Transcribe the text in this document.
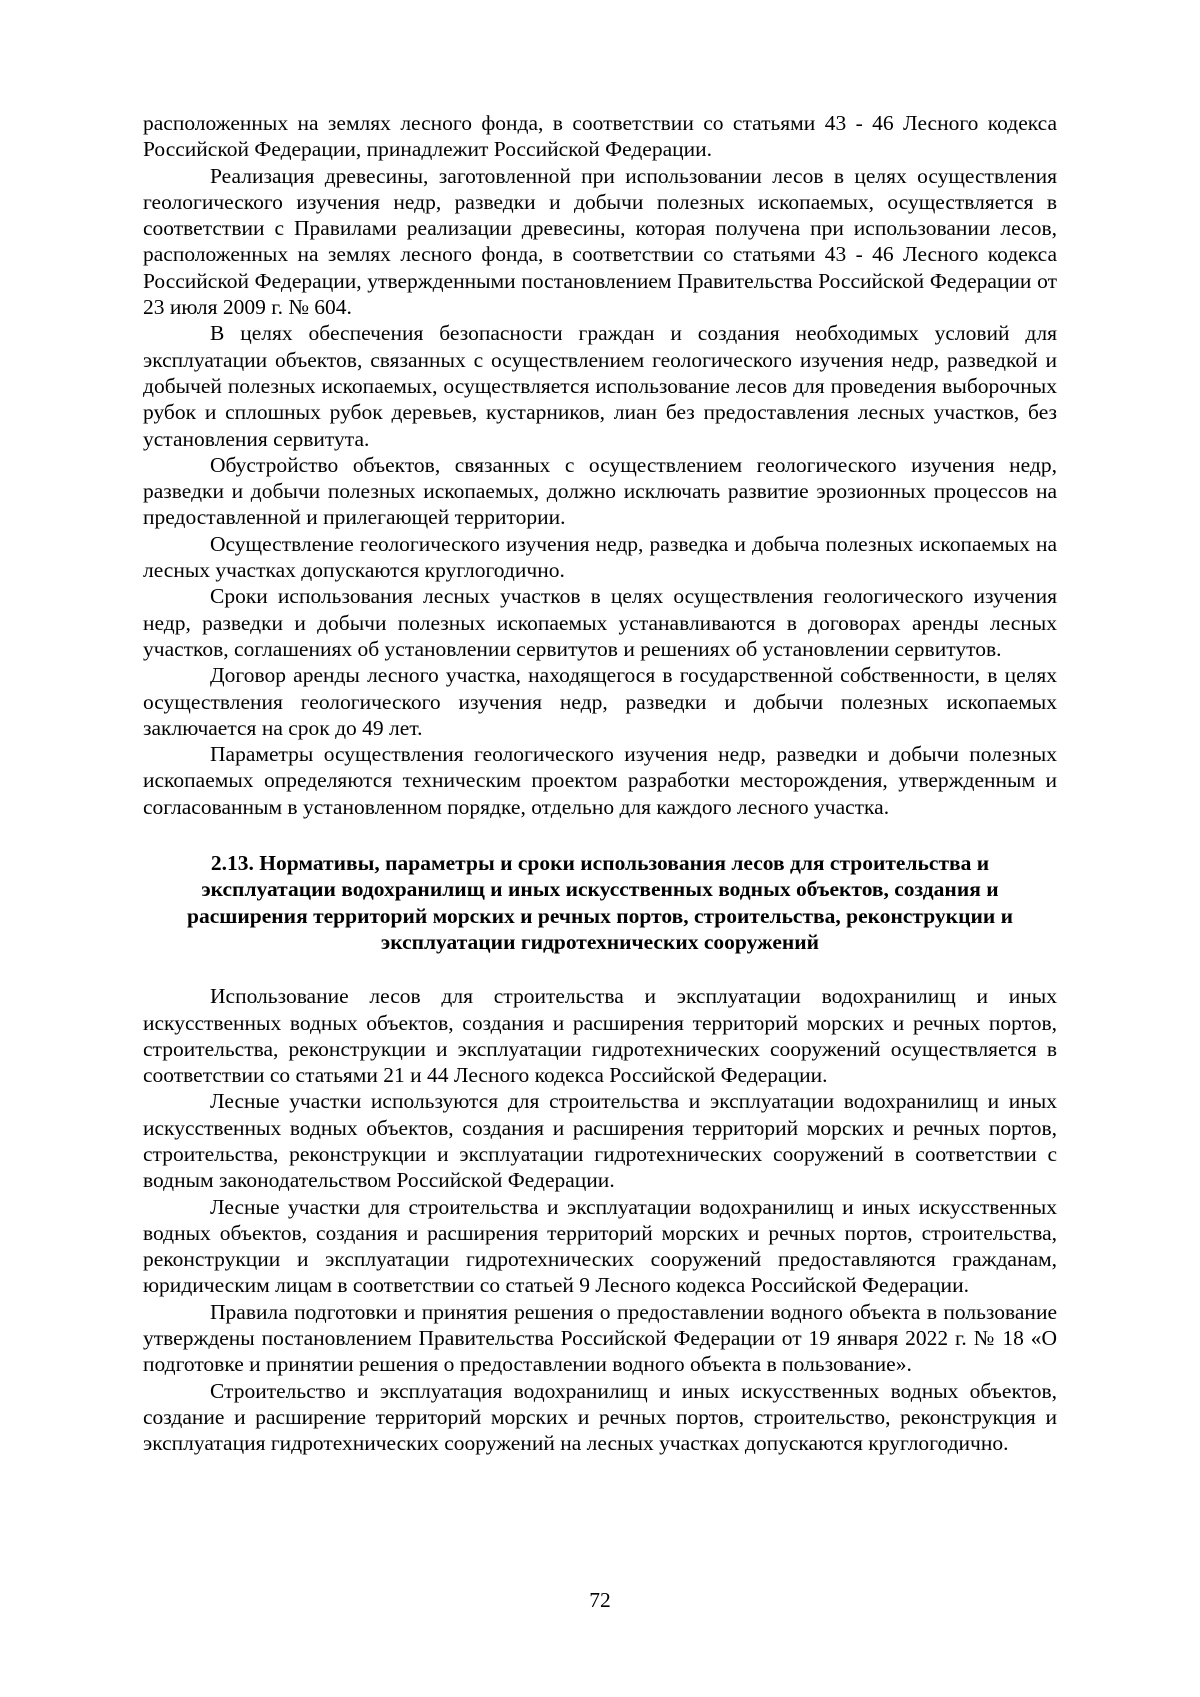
расположенных на землях лесного фонда, в соответствии со статьями 43 - 46 Лесного кодекса Российской Федерации, принадлежит Российской Федерации.

Реализация древесины, заготовленной при использовании лесов в целях осуществления геологического изучения недр, разведки и добычи полезных ископаемых, осуществляется в соответствии с Правилами реализации древесины, которая получена при использовании лесов, расположенных на землях лесного фонда, в соответствии со статьями 43 - 46 Лесного кодекса Российской Федерации, утвержденными постановлением Правительства Российской Федерации от 23 июля 2009 г. № 604.

В целях обеспечения безопасности граждан и создания необходимых условий для эксплуатации объектов, связанных с осуществлением геологического изучения недр, разведкой и добычей полезных ископаемых, осуществляется использование лесов для проведения выборочных рубок и сплошных рубок деревьев, кустарников, лиан без предоставления лесных участков, без установления сервитута.

Обустройство объектов, связанных с осуществлением геологического изучения недр, разведки и добычи полезных ископаемых, должно исключать развитие эрозионных процессов на предоставленной и прилегающей территории.

Осуществление геологического изучения недр, разведка и добыча полезных ископаемых на лесных участках допускаются круглогодично.

Сроки использования лесных участков в целях осуществления геологического изучения недр, разведки и добычи полезных ископаемых устанавливаются в договорах аренды лесных участков, соглашениях об установлении сервитутов и решениях об установлении сервитутов.

Договор аренды лесного участка, находящегося в государственной собственности, в целях осуществления геологического изучения недр, разведки и добычи полезных ископаемых заключается на срок до 49 лет.

Параметры осуществления геологического изучения недр, разведки и добычи полезных ископаемых определяются техническим проектом разработки месторождения, утвержденным и согласованным в установленном порядке, отдельно для каждого лесного участка.

2.13. Нормативы, параметры и сроки использования лесов для строительства и
эксплуатации водохранилищ и иных искусственных водных объектов, создания и
расширения территорий морских и речных портов, строительства, реконструкции и
эксплуатации гидротехнических сооружений

Использование лесов для строительства и эксплуатации водохранилищ и иных искусственных водных объектов, создания и расширения территорий морских и речных портов, строительства, реконструкции и эксплуатации гидротехнических сооружений осуществляется в соответствии со статьями 21 и 44 Лесного кодекса Российской Федерации.

Лесные участки используются для строительства и эксплуатации водохранилищ и иных искусственных водных объектов, создания и расширения территорий морских и речных портов, строительства, реконструкции и эксплуатации гидротехнических сооружений в соответствии с водным законодательством Российской Федерации.

Лесные участки для строительства и эксплуатации водохранилищ и иных искусственных водных объектов, создания и расширения территорий морских и речных портов, строительства, реконструкции и эксплуатации гидротехнических сооружений предоставляются гражданам, юридическим лицам в соответствии со статьей 9 Лесного кодекса Российской Федерации.

Правила подготовки и принятия решения о предоставлении водного объекта в пользование утверждены постановлением Правительства Российской Федерации от 19 января 2022 г. № 18 «О подготовке и принятии решения о предоставлении водного объекта в пользование».

Строительство и эксплуатация водохранилищ и иных искусственных водных объектов, создание и расширение территорий морских и речных портов, строительство, реконструкция и эксплуатация гидротехнических сооружений на лесных участках допускаются круглогодично.

72
